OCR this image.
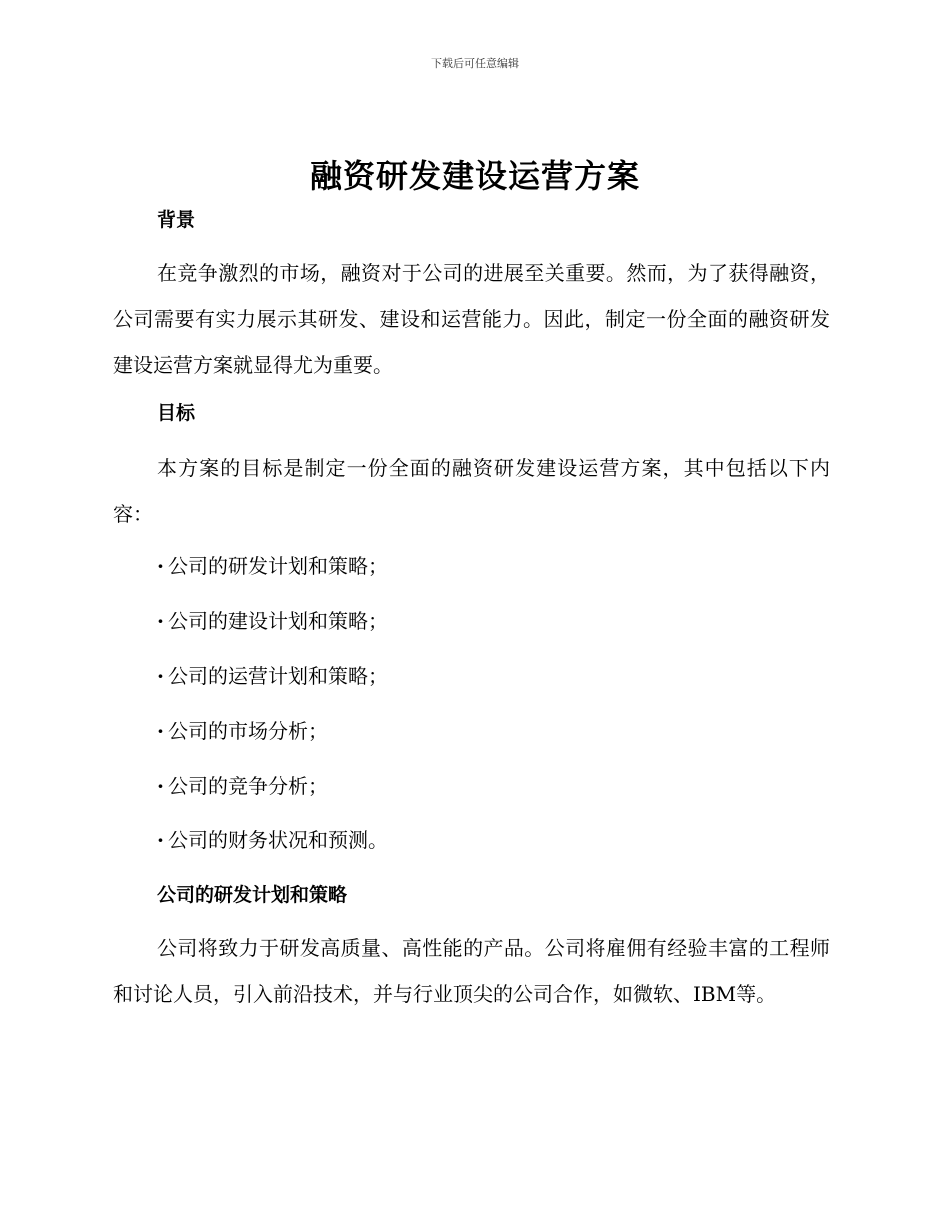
下载后可任意编辑
融资研发建设运营方案
背景

在竞争激烈的市场，融资对于公司的进展至关重要。然而，为了获得融资，公司需要有实力展示其研发、建设和运营能力。因此，制定一份全面的融资研发建设运营方案就显得尤为重要。

目标

本方案的目标是制定一份全面的融资研发建设运营方案，其中包括以下内容：

· 公司的研发计划和策略；
· 公司的建设计划和策略；
· 公司的运营计划和策略；
· 公司的市场分析；
· 公司的竞争分析；
· 公司的财务状况和预测。
公司的研发计划和策略

公司将致力于研发高质量、高性能的产品。公司将雇佣有经验丰富的工程师和讨论人员，引入前沿技术，并与行业顶尖的公司合作，如微软、IBM等。
